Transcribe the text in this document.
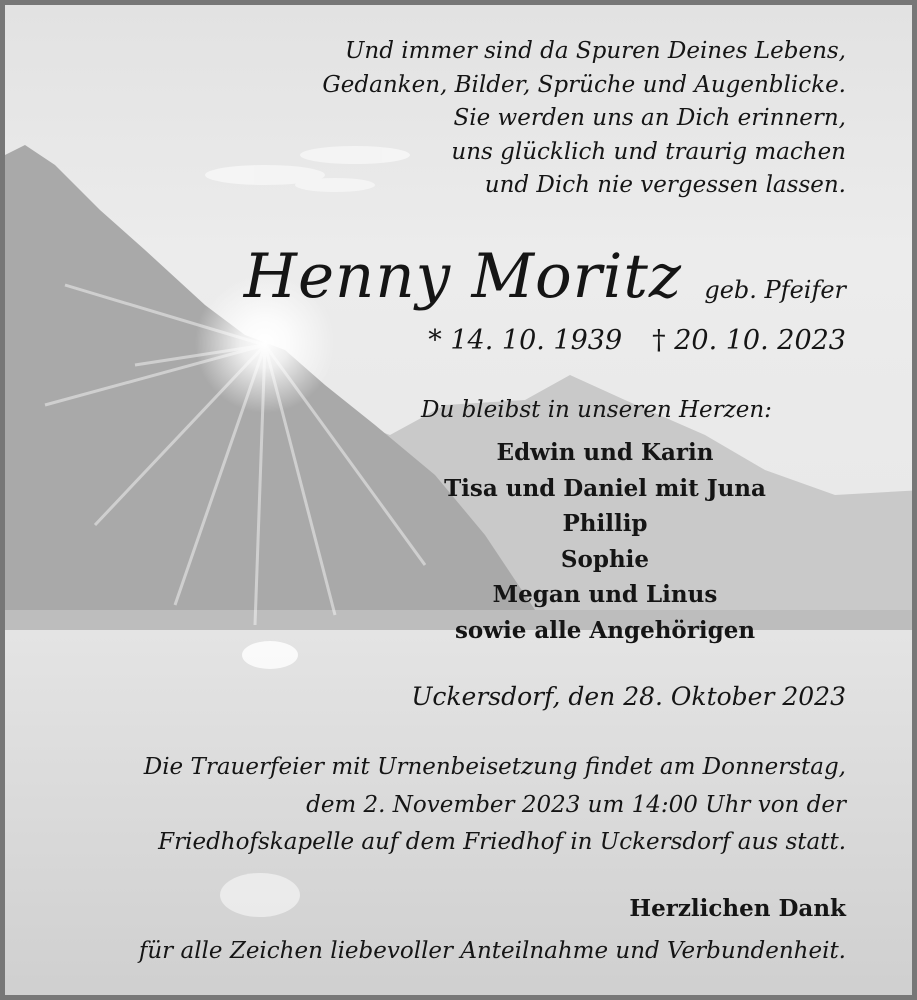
Und immer sind da Spuren Deines Lebens,
Gedanken, Bilder, Sprüche und Augenblicke.
Sie werden uns an Dich erinnern,
uns glücklich und traurig machen
und Dich nie vergessen lassen.
Henny Moritz geb. Pfeifer
* 14. 10. 1939 † 20. 10. 2023
Du bleibst in unseren Herzen:
Edwin und Karin
Tisa und Daniel mit Juna
Phillip
Sophie
Megan und Linus
sowie alle Angehörigen
Uckersdorf, den 28. Oktober 2023
Die Trauerfeier mit Urnenbeisetzung findet am Donnerstag,
dem 2. November 2023 um 14:00 Uhr von der
Friedhofskapelle auf dem Friedhof in Uckersdorf aus statt.
Herzlichen Dank
für alle Zeichen liebevoller Anteilnahme und Verbundenheit.
